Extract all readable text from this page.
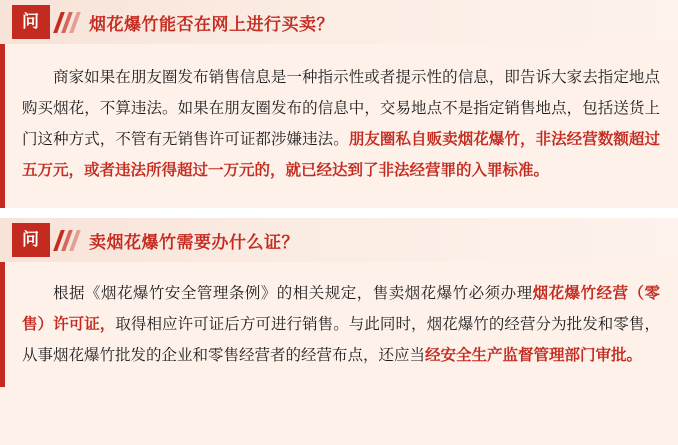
问	烟花爆竹能否在网上进行买卖？
商家如果在朋友圈发布销售信息是一种指示性或者提示性的信息，即告诉大家去指定地点购买烟花，不算违法。如果在朋友圈发布的信息中，交易地点不是指定销售地点，包括送货上门这种方式，不管有无销售许可证都涉嫌违法。朋友圈私自贩卖烟花爆竹，非法经营数额超过五万元，或者违法所得超过一万元的，就已经达到了非法经营罪的入罪标准。
问	卖烟花爆竹需要办什么证？
根据《烟花爆竹安全管理条例》的相关规定，售卖烟花爆竹必须办理烟花爆竹经营（零售）许可证，取得相应许可证后方可进行销售。与此同时，烟花爆竹的经营分为批发和零售，从事烟花爆竹批发的企业和零售经营者的经营布点，还应当经安全生产监督管理部门审批。
